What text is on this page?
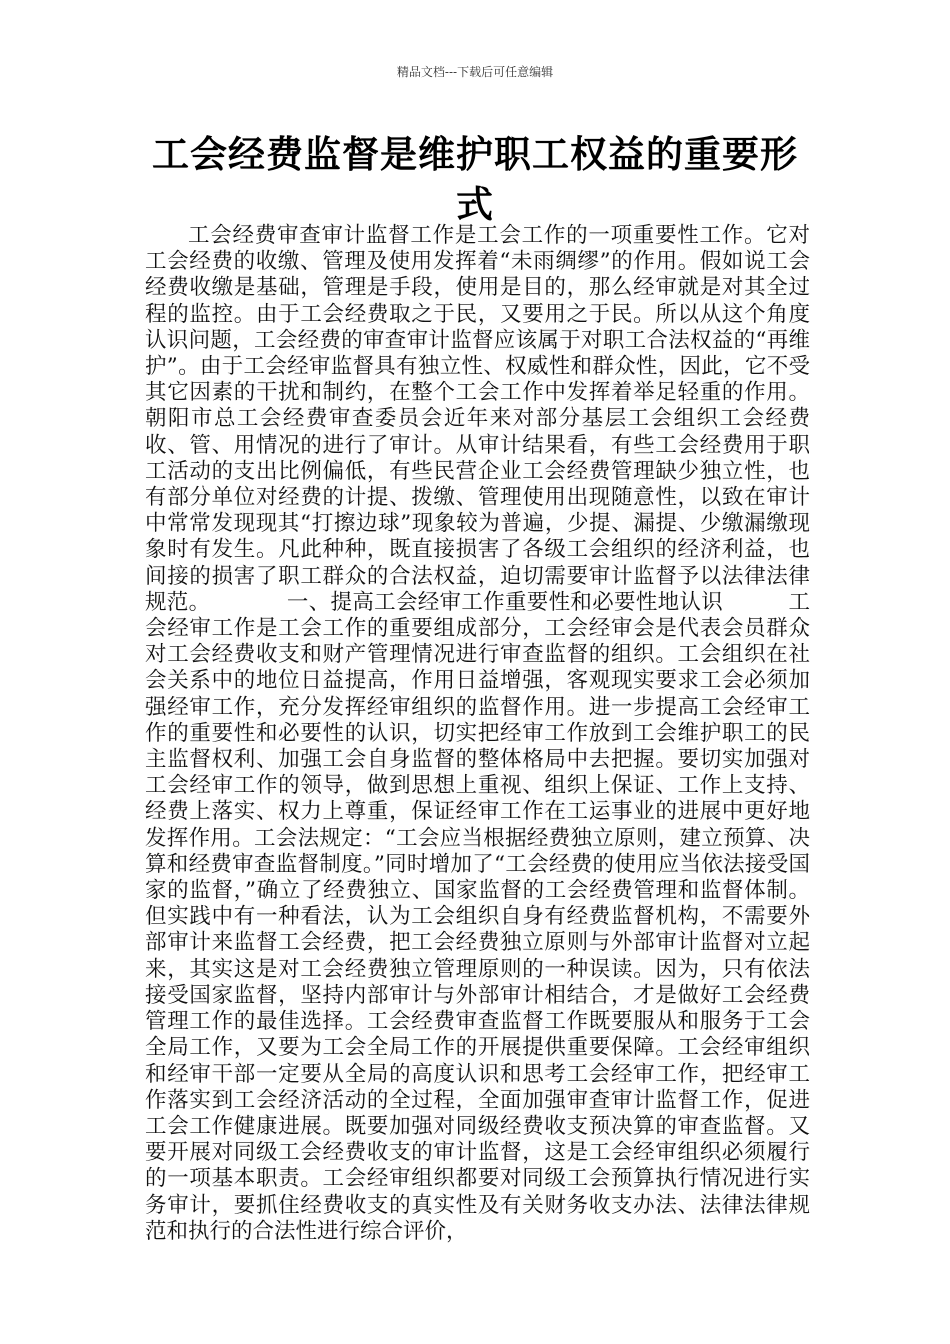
精品文档---下载后可任意编辑
工会经费监督是维护职工权益的重要形式

工会经费审查审计监督工作是工会工作的一项重要性工作。它对工会经费的收缴、管理及使用发挥着“未雨绸缪”的作用。假如说工会经费收缴是基础，管理是手段，使用是目的，那么经审就是对其全过程的监控。由于工会经费取之于民，又要用之于民。所以从这个角度认识问题，工会经费的审查审计监督应该属于对职工合法权益的“再维护”。由于工会经审监督具有独立性、权威性和群众性，因此，它不受其它因素的干扰和制约，在整个工会工作中发挥着举足轻重的作用。朝阳市总工会经费审查委员会近年来对部分基层工会组织工会经费收、管、用情况的进行了审计。从审计结果看，有些工会经费用于职工活动的支出比例偏低，有些民营企业工会经费管理缺少独立性，也有部分单位对经费的计提、拨缴、管理使用出现随意性，以致在审计中常常发现现其“打擦边球”现象较为普遍，少提、漏提、少缴漏缴现象时有发生。凡此种种，既直接损害了各级工会组织的经济利益，也间接的损害了职工群众的合法权益，迫切需要审计监督予以法律法律规范。　　　　一、提高工会经审工作重要性和必要性地认识　　　工会经审工作是工会工作的重要组成部分，工会经审会是代表会员群众对工会经费收支和财产管理情况进行审查监督的组织。工会组织在社会关系中的地位日益提高，作用日益增强，客观现实要求工会必须加强经审工作，充分发挥经审组织的监督作用。进一步提高工会经审工作的重要性和必要性的认识，切实把经审工作放到工会维护职工的民主监督权利、加强工会自身监督的整体格局中去把握。要切实加强对工会经审工作的领导，做到思想上重视、组织上保证、工作上支持、经费上落实、权力上尊重，保证经审工作在工运事业的进展中更好地发挥作用。工会法规定：“工会应当根据经费独立原则，建立预算、决算和经费审查监督制度。”同时增加了“工会经费的使用应当依法接受国家的监督，”确立了经费独立、国家监督的工会经费管理和监督体制。但实践中有一种看法，认为工会组织自身有经费监督机构，不需要外部审计来监督工会经费，把工会经费独立原则与外部审计监督对立起来，其实这是对工会经费独立管理原则的一种误读。因为，只有依法接受国家监督，坚持内部审计与外部审计相结合，才是做好工会经费管理工作的最佳选择。工会经费审查监督工作既要服从和服务于工会全局工作，又要为工会全局工作的开展提供重要保障。工会经审组织和经审干部一定要从全局的高度认识和思考工会经审工作，把经审工作落实到工会经济活动的全过程，全面加强审查审计监督工作，促进工会工作健康进展。既要加强对同级经费收支预决算的审查监督。又要开展对同级工会经费收支的审计监督，这是工会经审组织必须履行的一项基本职责。工会经审组织都要对同级工会预算执行情况进行实务审计，要抓住经费收支的真实性及有关财务收支办法、法律法律规范和执行的合法性进行综合评价，
